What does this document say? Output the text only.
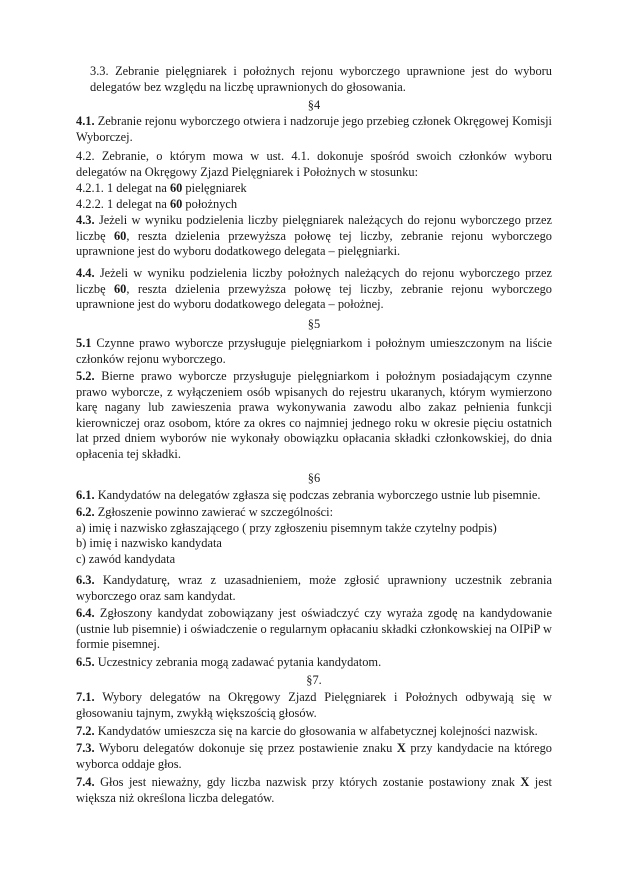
3.3. Zebranie pielęgniarek i położnych rejonu wyborczego uprawnione jest do wyboru delegatów bez względu na liczbę uprawnionych do głosowania.
§4
4.1. Zebranie rejonu wyborczego otwiera i nadzoruje jego przebieg członek Okręgowej Komisji Wyborczej.
4.2. Zebranie, o którym mowa w ust. 4.1. dokonuje spośród swoich członków wyboru delegatów na Okręgowy Zjazd Pielęgniarek i Położnych w stosunku:
4.2.1. 1 delegat na 60 pielęgniarek
4.2.2. 1 delegat na 60 położnych
4.3. Jeżeli w wyniku podzielenia liczby pielęgniarek należących do rejonu wyborczego przez liczbę 60, reszta dzielenia przewyższa połowę tej liczby, zebranie rejonu wyborczego uprawnione jest do wyboru dodatkowego delegata – pielęgniarki.
4.4. Jeżeli w wyniku podzielenia liczby położnych należących do rejonu wyborczego przez liczbę 60, reszta dzielenia przewyższa połowę tej liczby, zebranie rejonu wyborczego uprawnione jest do wyboru dodatkowego delegata – położnej.
§5
5.1 Czynne prawo wyborcze przysługuje pielęgniarkom i położnym umieszczonym na liście członków rejonu wyborczego.
5.2. Bierne prawo wyborcze przysługuje pielęgniarkom i położnym posiadającym czynne prawo wyborcze, z wyłączeniem osób wpisanych do rejestru ukaranych, którym wymierzono karę nagany lub zawieszenia prawa wykonywania zawodu albo zakaz pełnienia funkcji kierowniczej oraz osobom, które za okres co najmniej jednego roku w okresie pięciu ostatnich lat przed dniem wyborów nie wykonały obowiązku opłacania składki członkowskiej, do dnia opłacenia tej składki.
§6
6.1. Kandydatów na delegatów zgłasza się podczas zebrania wyborczego ustnie lub pisemnie.
6.2. Zgłoszenie powinno zawierać w szczególności:
a) imię i nazwisko zgłaszającego ( przy zgłoszeniu pisemnym także czytelny podpis)
b) imię i nazwisko kandydata
c) zawód kandydata
6.3. Kandydaturę, wraz z uzasadnieniem, może zgłosić uprawniony uczestnik zebrania wyborczego oraz sam kandydat.
6.4. Zgłoszony kandydat zobowiązany jest oświadczyć czy wyraża zgodę na kandydowanie (ustnie lub pisemnie) i oświadczenie o regularnym opłacaniu składki członkowskiej na OIPiP w formie pisemnej.
6.5. Uczestnicy zebrania mogą zadawać pytania kandydatom.
§7.
7.1. Wybory delegatów na Okręgowy Zjazd Pielęgniarek i Położnych odbywają się w głosowaniu tajnym, zwykłą większością głosów.
7.2. Kandydatów umieszcza się na karcie do głosowania w alfabetycznej kolejności nazwisk.
7.3. Wyboru delegatów dokonuje się przez postawienie znaku X przy kandydacie na którego wyborca oddaje głos.
7.4. Głos jest nieważny, gdy liczba nazwisk przy których zostanie postawiony znak X jest większa niż określona liczba delegatów.
